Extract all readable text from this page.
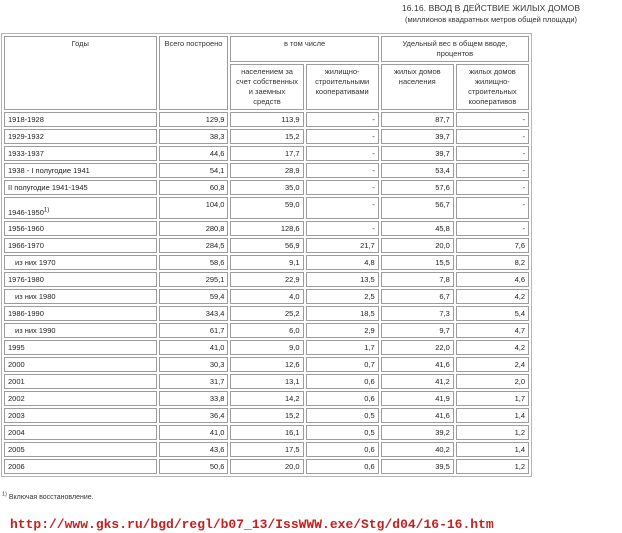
16.16. ВВОД В ДЕЙСТВИЕ ЖИЛЫХ ДОМОВ
(миллионов квадратных метров общей площади)
Годы	Всего построено	в том числе		Удельный вес в общем вводе, процентов	
		населением за счет собственных и заемных средств	жилищно-строительными кооперативами	жилых домов населения	жилых домов жилищно-строительных кооперативов
1918-1928	129,9	113,9	-	87,7	-
1929-1932	38,3	15,2	-	39,7	-
1933-1937	44,6	17,7	-	39,7	-
1938 - I полугодие 1941	54,1	28,9	-	53,4	-
II полугодие 1941-1945	60,8	35,0	-	57,6	-
1946-1950$^{1)}$	104,0	59,0	-	56,7	-
1956-1960	280,8	128,6	-	45,8	-
1966-1970	284,5	56,9	21,7	20,0	7,6
из них 1970	58,6	9,1	4,8	15,5	8,2
1976-1980	295,1	22,9	13,5	7,8	4,6
из них 1980	59,4	4,0	2,5	6,7	4,2
1986-1990	343,4	25,2	18,5	7,3	5,4
из них 1990	61,7	6,0	2,9	9,7	4,7
1995	41,0	9,0	1,7	22,0	4,2
2000	30,3	12,6	0,7	41,6	2,4
2001	31,7	13,1	0,6	41,2	2,0
2002	33,8	14,2	0,6	41,9	1,7
2003	36,4	15,2	0,5	41,6	1,4
2004	41,0	16,1	0,5	39,2	1,2
2005	43,6	17,5	0,6	40,2	1,4
2006	50,6	20,0	0,6	39,5	1,2
$^{1)}$ Включая восстановление.
http://www.gks.ru/bgd/regl/b07_13/IssWWW.exe/Stg/d04/16-16.htm
